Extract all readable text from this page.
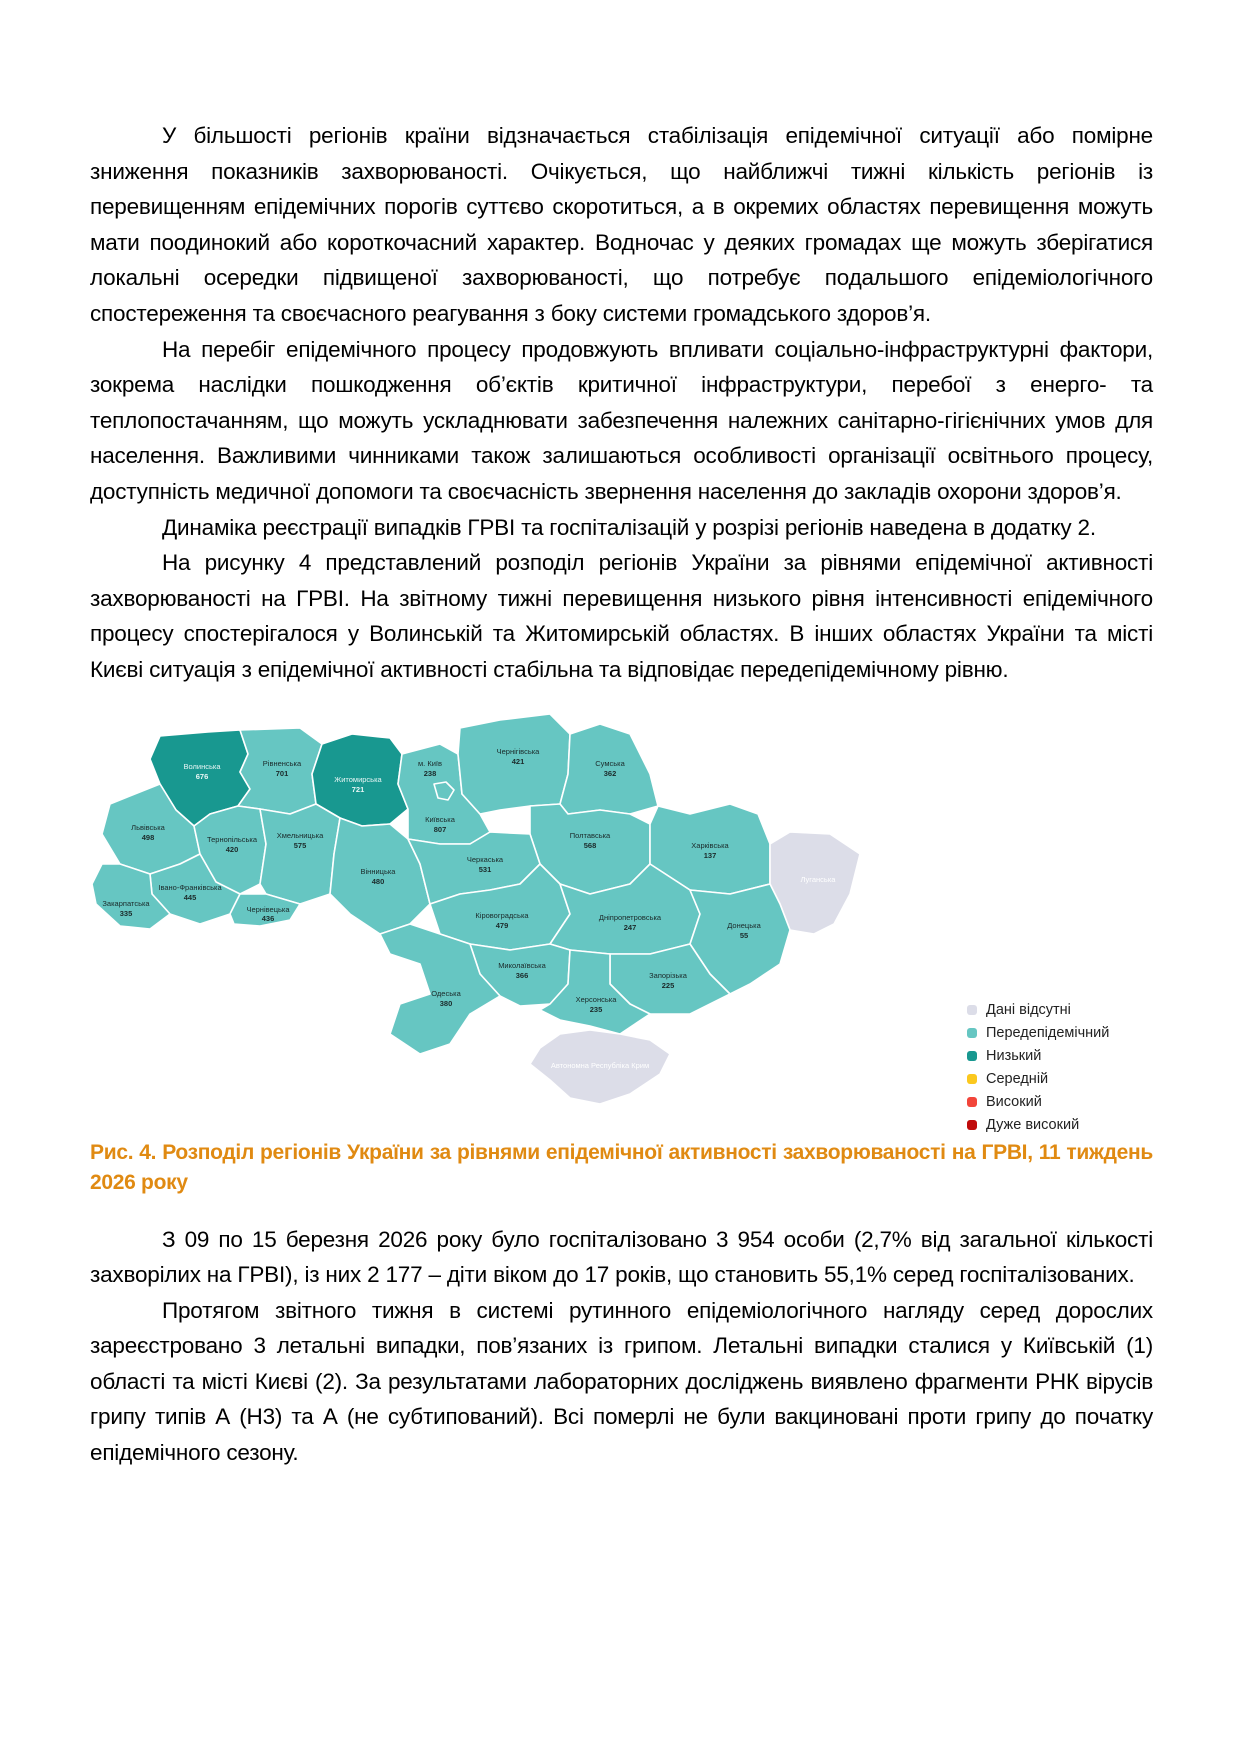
У більшості регіонів країни відзначається стабілізація епідемічної ситуації або помірне зниження показників захворюваності. Очікується, що найближчі тижні кількість регіонів із перевищенням епідемічних порогів суттєво скоротиться, а в окремих областях перевищення можуть мати поодинокий або короткочасний характер. Водночас у деяких громадах ще можуть зберігатися локальні осередки підвищеної захворюваності, що потребує подальшого епідеміологічного спостереження та своєчасного реагування з боку системи громадського здоров’я.

На перебіг епідемічного процесу продовжують впливати соціально-інфраструктурні фактори, зокрема наслідки пошкодження об’єктів критичної інфраструктури, перебої з енерго- та теплопостачанням, що можуть ускладнювати забезпечення належних санітарно-гігієнічних умов для населення. Важливими чинниками також залишаються особливості організації освітнього процесу, доступність медичної допомоги та своєчасність звернення населення до закладів охорони здоров’я.

Динаміка реєстрації випадків ГРВІ та госпіталізацій у розрізі регіонів наведена в додатку 2.

На рисунку 4 представлений розподіл регіонів України за рівнями епідемічної активності захворюваності на ГРВІ. На звітному тижні перевищення низького рівня інтенсивності епідемічного процесу спостерігалося у Волинській та Житомирській областях. В інших областях України та місті Києві ситуація з епідемічної активності стабільна та відповідає передепідемічному рівню.

Волинська
676
Рівненська
701
Житомирська
721
Київська
807
м. Київ
238
Чернігівська
421	Сумська
362
Полтавська
568	Харківська
137
Луганська
Львівська
498	Тернопільська
420
Хмельницька
575
Вінницька
480
Черкаська
531
Івано-Франківська
445
Закарпатська
335	Чернівецька
436	Кіровоградська
479
Дніпропетровська
247	Донецька
55
Запорізька
225
Миколаївська
366
Одеська
380	Херсонська
235
Автономна Республіка Крим
Дані відсутні
Передепідемічний
Низький
Середній
Високий
Дуже високий
Рис. 4. Розподіл регіонів України за рівнями епідемічної активності захворюваності на ГРВІ, 11 тиждень 2026 року

З 09 по 15 березня 2026 року було госпіталізовано 3 954 особи (2,7% від загальної кількості захворілих на ГРВІ), із них 2 177 – діти віком до 17 років, що становить 55,1% серед госпіталізованих.

Протягом звітного тижня в системі рутинного епідеміологічного нагляду серед дорослих зареєстровано 3 летальні випадки, пов’язаних із грипом. Летальні випадки сталися у Київській (1) області та місті Києві (2). За результатами лабораторних досліджень виявлено фрагменти РНК вірусів грипу типів А (Н3) та А (не субтипований). Всі померлі не були вакциновані проти грипу до початку епідемічного сезону.
